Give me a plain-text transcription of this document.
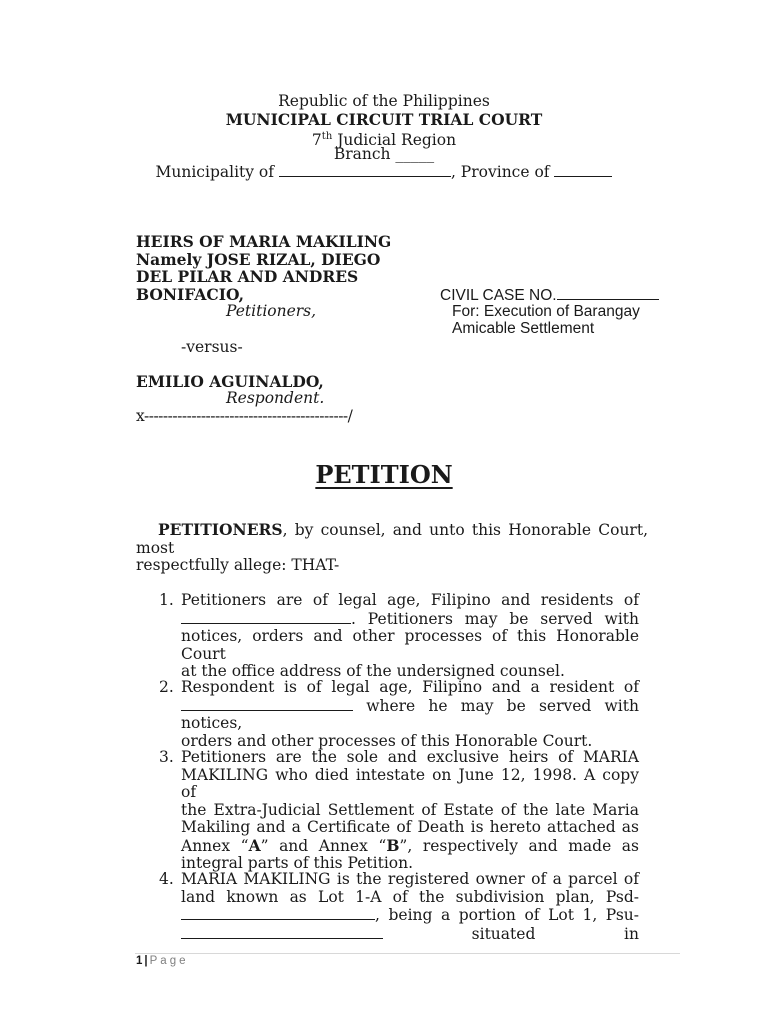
Republic of the Philippines
MUNICIPAL CIRCUIT TRIAL COURT
7th Judicial Region
Branch _____
Municipality of	, Province of
HEIRS OF MARIA MAKILING
Namely JOSE RIZAL, DIEGO
DEL PILAR AND ANDRES
BONIFACIO,
Petitioners,
-versus-
EMILIO AGUINALDO,
Respondent.
x-------------------------------------------/
CIVIL CASE NO.
For: Execution of Barangay
Amicable Settlement
PETITION
PETITIONERS, by counsel, and unto this Honorable Court, most
respectfully allege: THAT-
1. Petitioners are of legal age, Filipino and residents of
. Petitioners may be served with
notices, orders and other processes of this Honorable Court
at the office address of the undersigned counsel.
2. Respondent is of legal age, Filipino and a resident of
where he may be served with notices,
orders and other processes of this Honorable Court.
3. Petitioners are the sole and exclusive heirs of MARIA
MAKILING who died intestate on June 12, 1998. A copy of
the Extra-Judicial Settlement of Estate of the late Maria
Makiling and a Certificate of Death is hereto attached as
Annex “A” and Annex “B”, respectively and made as
integral parts of this Petition.
4. MARIA MAKILING is the registered owner of a parcel of
land known as Lot 1-A of the subdivision plan, Psd-
, being a portion of Lot 1, Psu-
situated	in
1 | Page
